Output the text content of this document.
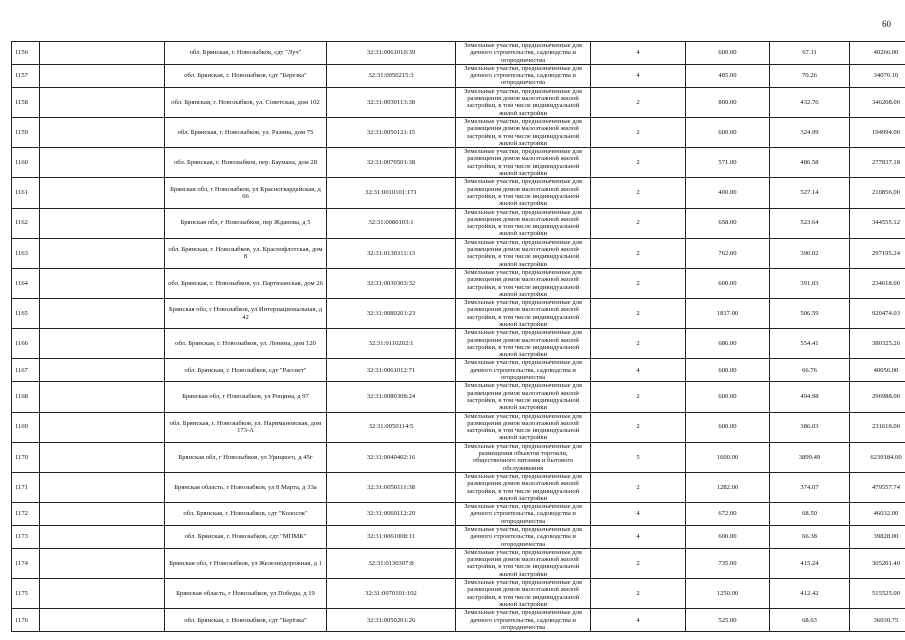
60
1156		обл. Брянская, г. Новозыбков, сдт "Луч"	32:31:0061010:39	Земельные участки, предназначенные для дачного строительства, садоводства и огородничества	4	600.00	67.11	40266.00
1157		обл. Брянская, г. Новозыбков, сдт "Березка"	32:31:0050215:3	Земельные участки, предназначенные для дачного строительства, садоводства и огородничества	4	485.00	70.26	34076.10
1158		обл. Брянская, г. Новозыбков, ул. Советская, дом 102	32:31:0030113:38	Земельные участки, предназначенные для размещения домов малоэтажной жилой застройки, в том числе индивидуальной жилой застройки	2	800.00	432.76	346208.00
1159		обл. Брянская, г. Новозыбков, ул. Разина, дом 75	32:31:0050121:15	Земельные участки, предназначенные для размещения домов малоэтажной жилой застройки, в том числе индивидуальной жилой застройки	2	600.00	324.99	194994.00
1160		обл. Брянская, г. Новозыбков, пер. Баумана, дом 28	32:31:0070501:38	Земельные участки, предназначенные для размещения домов малоэтажной жилой застройки, в том числе индивидуальной жилой застройки	2	571.00	486.58	277837.18
1161		Брянская обл, г Новозыбков, ул Красногвардейская, д 66	32:31:0010101:171	Земельные участки, предназначенные для размещения домов малоэтажной жилой застройки, в том числе индивидуальной жилой застройки	2	400.00	527.14	210856.00
1162		Брянская обл, г Новозыбков, пер Жданова, д 5	32:31:0080103:1	Земельные участки, предназначенные для размещения домов малоэтажной жилой застройки, в том числе индивидуальной жилой застройки	2	658.00	523.64	344555.12
1163		обл. Брянская, г. Новозыбков, ул. Краснофлотская, дом 8	32:31:0130311:13	Земельные участки, предназначенные для размещения домов малоэтажной жилой застройки, в том числе индивидуальной жилой застройки	2	762.00	390.02	297195.24
1164		обл. Брянская, г. Новозыбков, ул. Партизанская, дом 26	32:31:0030303:32	Земельные участки, предназначенные для размещения домов малоэтажной жилой застройки, в том числе индивидуальной жилой застройки	2	600.00	391.03	234618.00
1165		Брянская обл, г Новозыбков, ул Интернациональная, д 42	32:31:0080201:23	Земельные участки, предназначенные для размещения домов малоэтажной жилой застройки, в том числе индивидуальной жилой застройки	2	1817.00	506.59	920474.03
1166		обл. Брянская, г. Новозыбков, ул. Ленина, дом 120	32:31:0110202:1	Земельные участки, предназначенные для размещения домов малоэтажной жилой застройки, в том числе индивидуальной жилой застройки	2	686.00	554.41	380325.26
1167		обл. Брянская, г. Новозыбков, сдт "Рассвет"	32:31:0061012:71	Земельные участки, предназначенные для дачного строительства, садоводства и огородничества	4	600.00	66.76	40056.00
1168		Брянская обл, г Новозыбков, ул Рощина, д 97	32:31:0080308:24	Земельные участки, предназначенные для размещения домов малоэтажной жилой застройки, в том числе индивидуальной жилой застройки	2	600.00	494.98	296988.00
1169		обл. Брянская, г. Новозыбков, ул. Наримановская, дом 173-А	32:31:0050114:5	Земельные участки, предназначенные для размещения домов малоэтажной жилой застройки, в том числе индивидуальной жилой застройки	2	600.00	386.03	231618.00
1170		Брянская обл, г Новозыбков, ул Урицкого, д 45г	32:31:0040402:16	Земельные участки, предназначенные для размещения объектов торговли, общественного питания и бытового обслуживания	5	1600.00	3899.49	6239184.00
1171		Брянская область, г Новозыбков, ул 8 Марта, д 33а	32:31:0050111:38	Земельные участки, предназначенные для размещения домов малоэтажной жилой застройки, в том числе индивидуальной жилой застройки	2	1282.00	374.07	479557.74
1172		обл. Брянская, г. Новозыбков, сдт "Колосок"	32:31:0060112:20	Земельные участки, предназначенные для дачного строительства, садоводства и огородничества	4	672.00	68.50	46032.00
1173		обл. Брянская, г. Новозыбков, сдт "МПМК"	32:31:0061008:11	Земельные участки, предназначенные для дачного строительства, садоводства и огородничества	4	600.00	66.38	39828.00
1174		Брянская обл, г Новозыбков, ул Железнодорожная, д 1	32:31:0130307:8	Земельные участки, предназначенные для размещения домов малоэтажной жилой застройки, в том числе индивидуальной жилой застройки	2	735.00	415.24	305201.40
1175		Брянская область, г Новозыбков, ул Победы, д 19	32:31:0070101:102	Земельные участки, предназначенные для размещения домов малоэтажной жилой застройки, в том числе индивидуальной жилой застройки	2	1250.00	412.42	515525.00
1176		обл. Брянская, г. Новозыбков, сдт "Берёзка"	32:31:0050201:26	Земельные участки, предназначенные для дачного строительства, садоводства и огородничества	4	525.00	68.63	36030.75
